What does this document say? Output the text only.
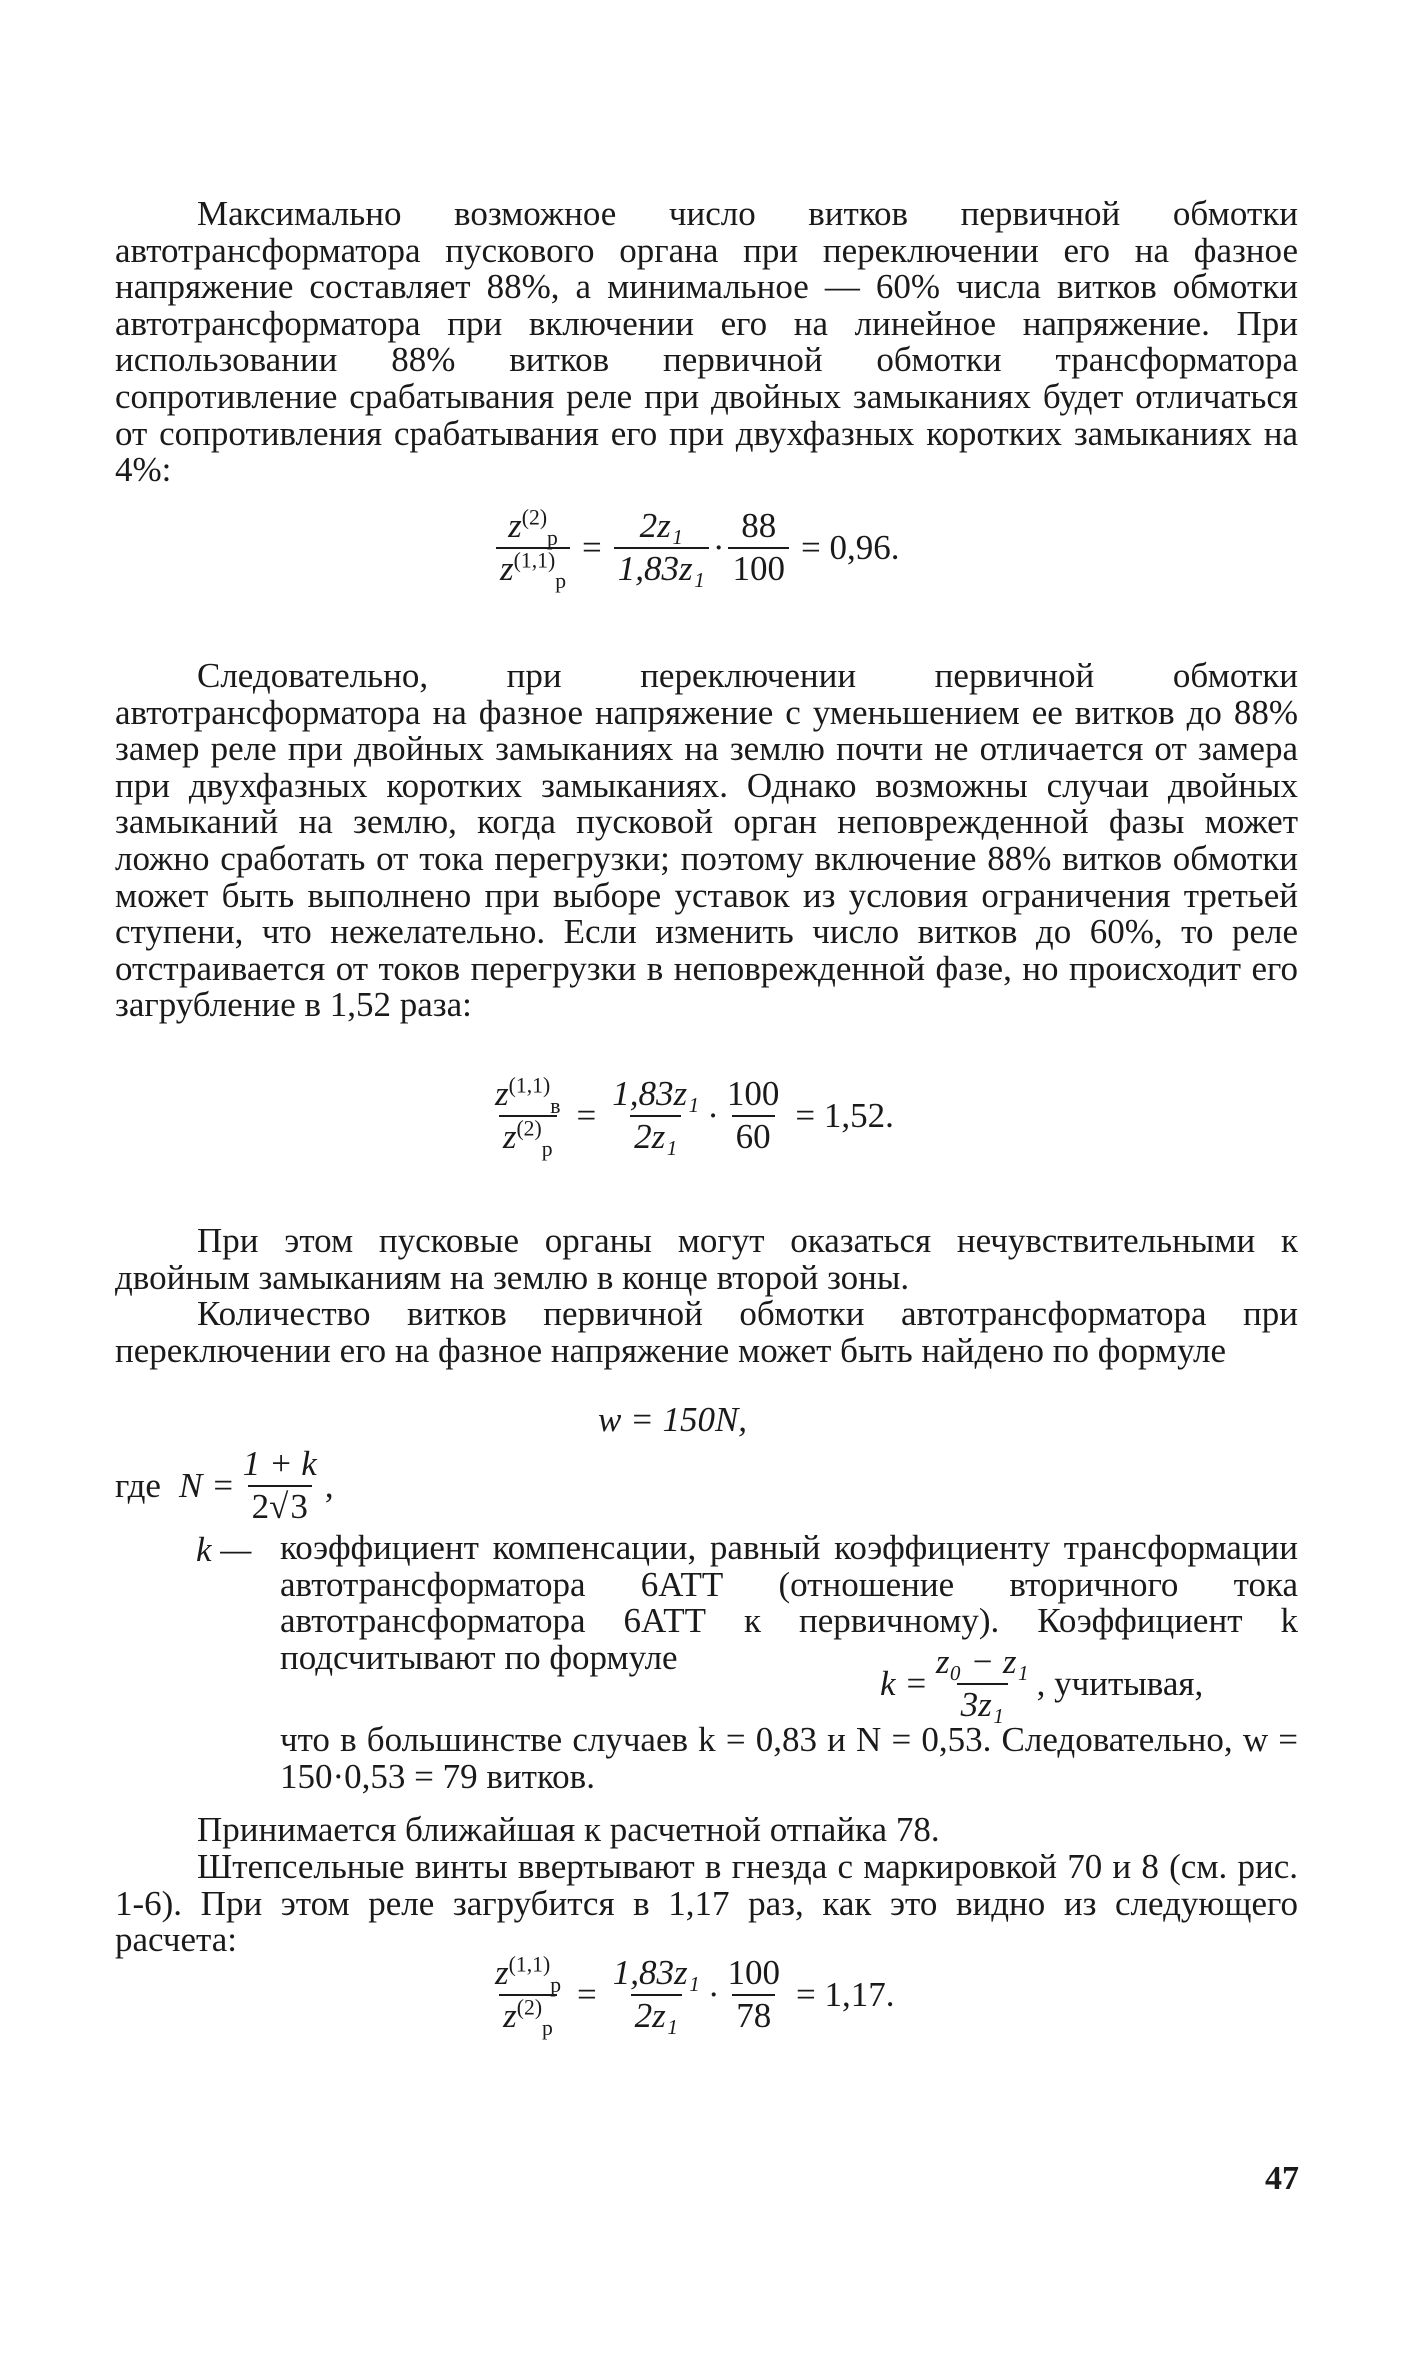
Максимально возможное число витков первичной обмотки автотрансформатора пускового органа при переключении его на фазное напряжение составляет 88%, а минимальное — 60% числа витков обмотки автотрансформатора при включении его на линейное напряжение. При использовании 88% витков первичной обмотки трансформатора сопротивление срабатывания реле при двойных замыканиях будет отличаться от сопротивления срабатывания его при двухфазных коротких замыканиях на 4%:

$\frac{z^{(2)}_р}{z^{(1,1)}_р} = \frac{\text{2z₁}}{\text{1,83z₁}} \cdot \frac{88}{100} = 0,96$.

Следовательно, при переключении первичной обмотки автотрансформатора на фазное напряжение с уменьшением ее витков до 88% замер реле при двойных замыканиях на землю почти не отличается от замера при двухфазных коротких замыканиях. Однако возможны случаи двойных замыканий на землю, когда пусковой орган неповрежденной фазы может ложно сработать от тока перегрузки; поэтому включение 88% витков обмотки может быть выполнено при выборе уставок из условия ограничения третьей ступени, что нежелательно. Если изменить число витков до 60%, то реле отстраивается от токов перегрузки в неповрежденной фазе, но происходит его загрубление в 1,52 раза:

$\frac{z^{(1,1)}_в}{z^{(2)}_р} = \frac{\text{1,83z₁}}{\text{2z₁}} \cdot \frac{100}{60} = 1,52$.

При этом пусковые органы могут оказаться нечувствительными к двойным замыканиям на землю в конце второй зоны.

Количество витков первичной обмотки автотрансформатора при переключении его на фазное напряжение может быть найдено по формуле

w = 150N,
где $N = \frac{1 + k}{2√3}$ ,
k — коэффициент компенсации, равный коэффициенту трансформации автотрансформатора 6АТТ (отношение вторичного тока автотрансформатора 6АТТ к первичному). Коэффициент k подсчитывают по формуле

$k = \frac{\text{z₀ − z₁}}{\text{3z₁}}$ , учитывая,

что в большинстве случаев k = 0,83 и N = 0,53. Следовательно, w = 150·0,53 = 79 витков.

Принимается ближайшая к расчетной отпайка 78.

Штепсельные винты ввертывают в гнезда с маркировкой 70 и 8 (см. рис. 1-6). При этом реле загрубится в 1,17 раз, как это видно из следующего расчета:

$\frac{z^{(1,1)}_р}{z^{(2)}_р} = \frac{\text{1,83z₁}}{\text{2z₁}} \cdot \frac{100}{78} = 1,17$.
47
